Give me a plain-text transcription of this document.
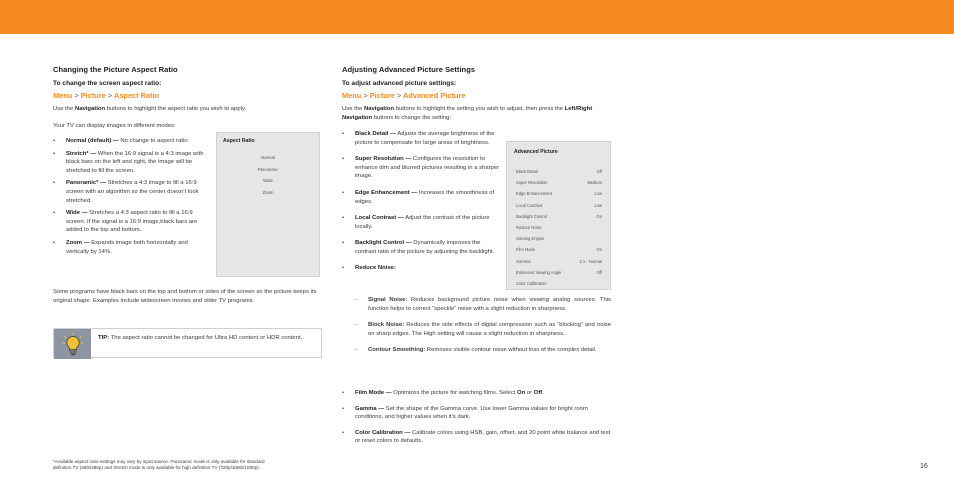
Changing the Picture Aspect Ratio
To change the screen aspect ratio:
Menu > Picture > Aspect Ratio
Use the Navigation buttons to highlight the aspect ratio you wish to apply.
Your TV can display images in different modes:
• Normal (default) — No change to aspect ratio.
• Stretch* — When the 16:9 signal is a 4:3 image with black bars on the left and right, the image will be stretched to fill the screen.
• Panoramic* — Stretches a 4:3 image to fill a 16:9 screen with an algorithm so the center doesn’t look stretched.
• Wide — Stretches a 4:3 aspect ratio to fill a 16:9 screen. If the signal is a 16:9 image,black bars are added to the top and bottom.
• Zoom — Expands image both horizontally and vertically by 14%.
Aspect Ratio
Normal
Panoramic
Wide
Zoom
Some programs have black bars on the top and bottom or sides of the screen so the picture keeps its original shape. Examples include widescreen movies and older TV programs.
TIP: The aspect ratio cannot be changed for Ultra HD content or HDR content.
*Available aspect ratio settings may vary by input source. Panoramic mode is only available for standard
definition TV (480i/480p) and Stretch mode is only available for high definition TV (720p/1080i/1080p).
Adjusting Advanced Picture Settings
To adjust advanced picture settings:
Menu > Picture > Advanced Picture
Use the Navigation buttons to highlight the setting you wish to adjust, then press the Left/Right Navigation buttons to change the setting:
• Black Detail — Adjusts the average brightness of the picture to compensate for large areas of brightness.
• Super Resolution — Configures the resolution to enhance dim and blurred pictures resulting in a sharper image.
• Edge Enhancement — Increases the smoothness of edges.
• Local Contrast — Adjust the contrast of the picture locally.
• Backlight Control — Dynamically improves the contrast ratio of the picture by adjusting the backlight.
• Reduce Noise:
Advanced Picture
Black Detail	Off
Super Resolution	Medium
Edge Enhancement	Low
Local Contrast	Low
Backlight Control	On
Reduce Noise
Gaming Engine
Film Mode	On
Gamma	2.1 - Normal
Enhanced Viewing Angle	Off
Color Calibration
- Signal Noise: Reduces background picture noise when viewing analog sources. This function helps to correct “speckle” noise with a slight reduction in sharpness.
- Block Noise: Reduces the side effects of digital compression such as “blocking” and noise on sharp edges. The High setting will cause a slight reduction in sharpness.
- Contour Smoothing: Removes visible contour noise without loss of the complex detail.
• Film Mode — Optimizes the picture for watching films. Select On or Off.
• Gamma — Set the shape of the Gamma curve. Use lower Gamma values for bright room conditions, and higher values when it’s dark.
• Color Calibration — Calibrate colors using HSB, gain, offset, and 20 point white balance and test or reset colors to defaults.
16
